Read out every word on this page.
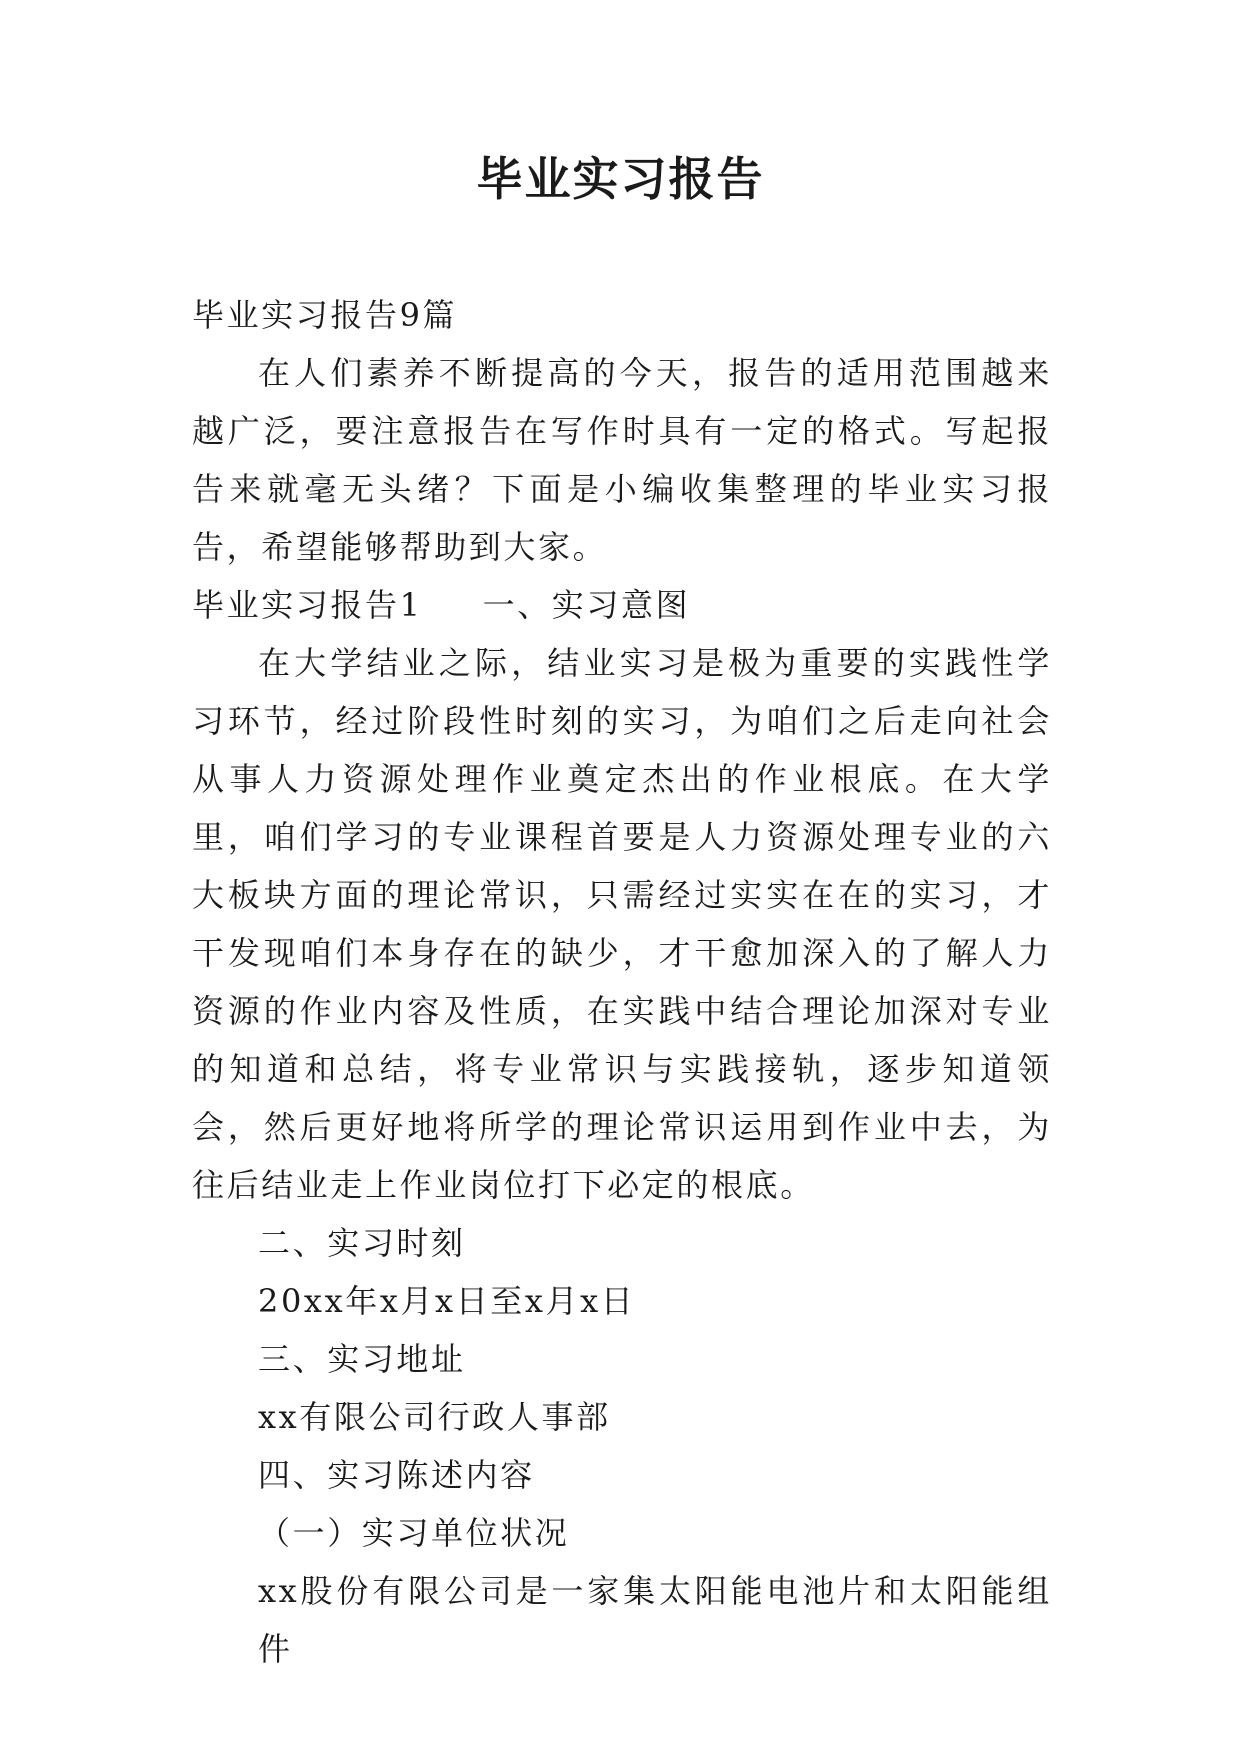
毕业实习报告

毕业实习报告9篇

在人们素养不断提高的今天，报告的适用范围越来越广泛，要注意报告在写作时具有一定的格式。写起报告来就毫无头绪？下面是小编收集整理的毕业实习报告，希望能够帮助到大家。

毕业实习报告1 一、实习意图

在大学结业之际，结业实习是极为重要的实践性学习环节，经过阶段性时刻的实习，为咱们之后走向社会从事人力资源处理作业奠定杰出的作业根底。在大学里，咱们学习的专业课程首要是人力资源处理专业的六大板块方面的理论常识，只需经过实实在在的实习，才干发现咱们本身存在的缺少，才干愈加深入的了解人力资源的作业内容及性质，在实践中结合理论加深对专业的知道和总结，将专业常识与实践接轨，逐步知道领会，然后更好地将所学的理论常识运用到作业中去，为往后结业走上作业岗位打下必定的根底。

二、实习时刻

20xx年x月x日至x月x日

三、实习地址

xx有限公司行政人事部

四、实习陈述内容

（一）实习单位状况

xx股份有限公司是一家集太阳能电池片和太阳能组件
